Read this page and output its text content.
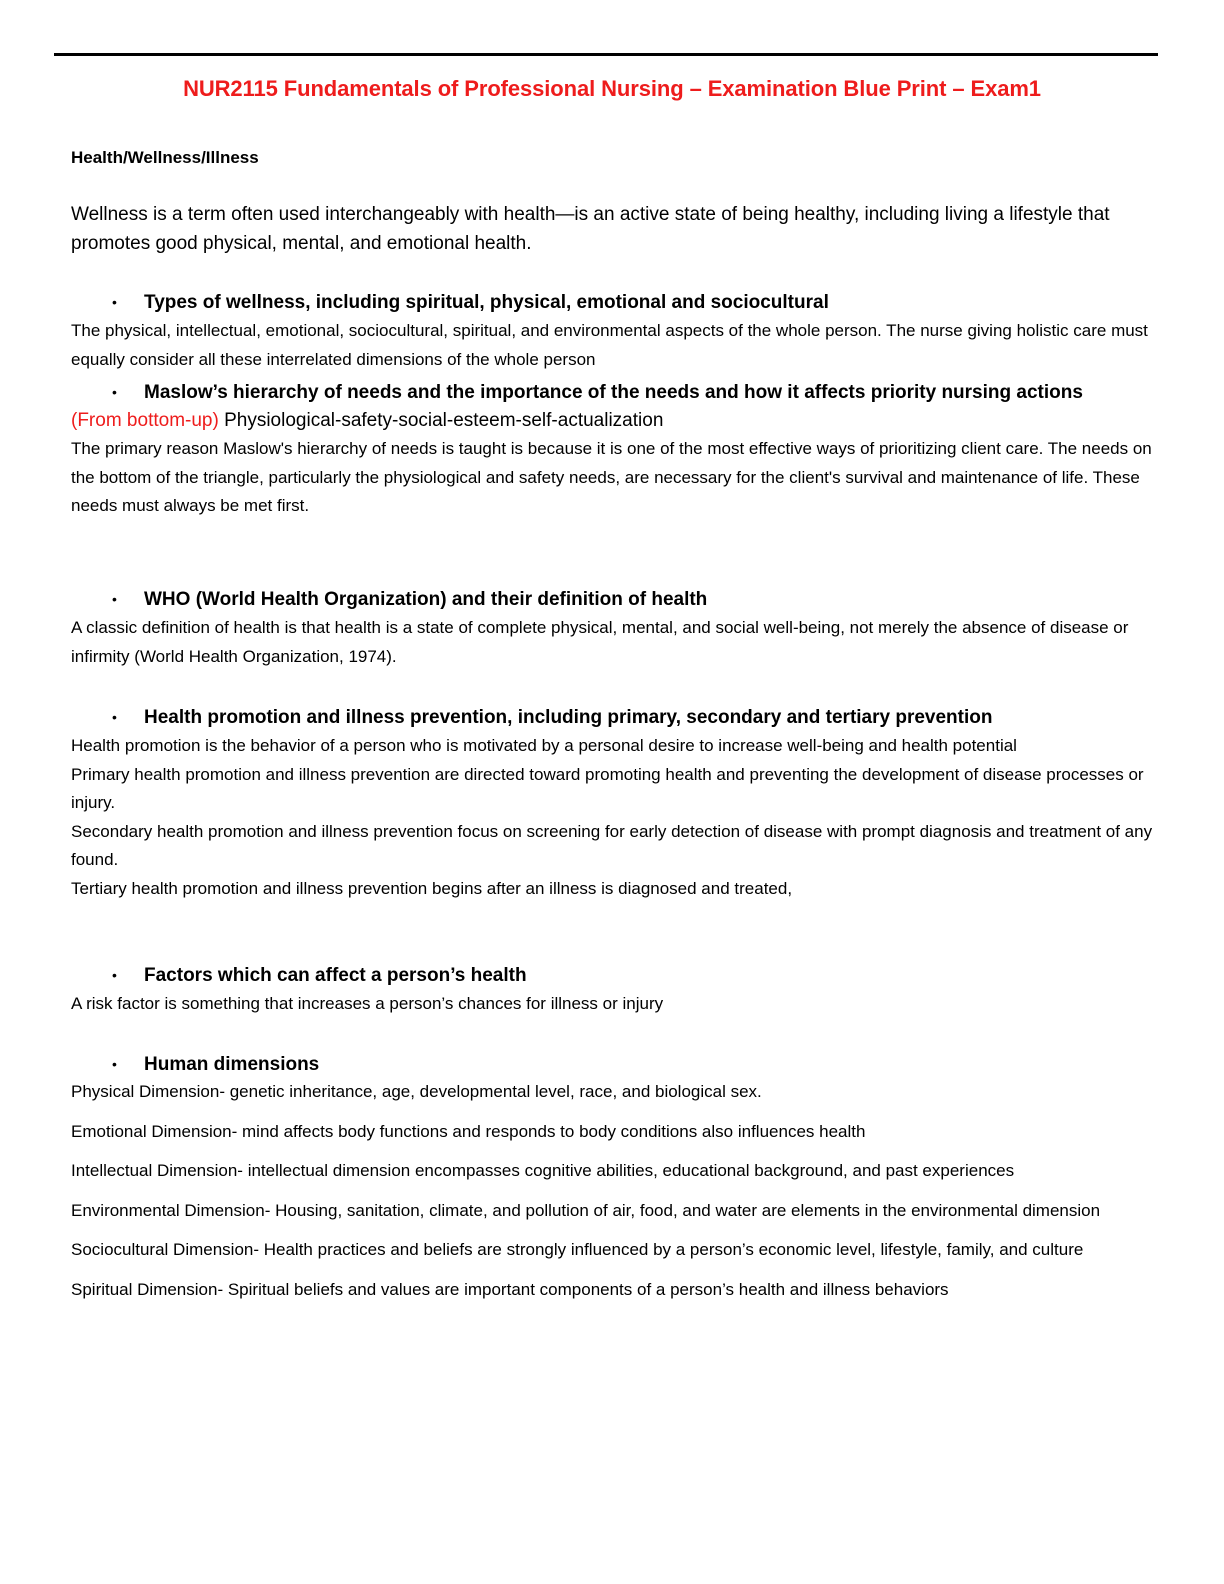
NUR2115 Fundamentals of Professional Nursing – Examination Blue Print – Exam1
Health/Wellness/Illness
Wellness is a term often used interchangeably with health—is an active state of being healthy, including living a lifestyle that promotes good physical, mental, and emotional health.
• Types of wellness, including spiritual, physical, emotional and sociocultural
The physical, intellectual, emotional, sociocultural, spiritual, and environmental aspects of the whole person. The nurse giving holistic care must equally consider all these interrelated dimensions of the whole person
• Maslow’s hierarchy of needs and the importance of the needs and how it affects priority nursing actions
(From bottom-up) Physiological-safety-social-esteem-self-actualization
The primary reason Maslow's hierarchy of needs is taught is because it is one of the most effective ways of prioritizing client care. The needs on the bottom of the triangle, particularly the physiological and safety needs, are necessary for the client's survival and maintenance of life. These needs must always be met first.
• WHO (World Health Organization) and their definition of health
A classic definition of health is that health is a state of complete physical, mental, and social well-being, not merely the absence of disease or infirmity (World Health Organization, 1974).
• Health promotion and illness prevention, including primary, secondary and tertiary prevention

Health promotion is the behavior of a person who is motivated by a personal desire to increase well-being and health potential

Primary health promotion and illness prevention are directed toward promoting health and preventing the development of disease processes or injury.

Secondary health promotion and illness prevention focus on screening for early detection of disease with prompt diagnosis and treatment of any found.

Tertiary health promotion and illness prevention begins after an illness is diagnosed and treated,

• Factors which can affect a person’s health
A risk factor is something that increases a person’s chances for illness or injury
• Human dimensions

Physical Dimension- genetic inheritance, age, developmental level, race, and biological sex.

Emotional Dimension- mind affects body functions and responds to body conditions also influences health

Intellectual Dimension- intellectual dimension encompasses cognitive abilities, educational background, and past experiences

Environmental Dimension- Housing, sanitation, climate, and pollution of air, food, and water are elements in the environmental dimension

Sociocultural Dimension- Health practices and beliefs are strongly influenced by a person’s economic level, lifestyle, family, and culture

Spiritual Dimension- Spiritual beliefs and values are important components of a person’s health and illness behaviors
